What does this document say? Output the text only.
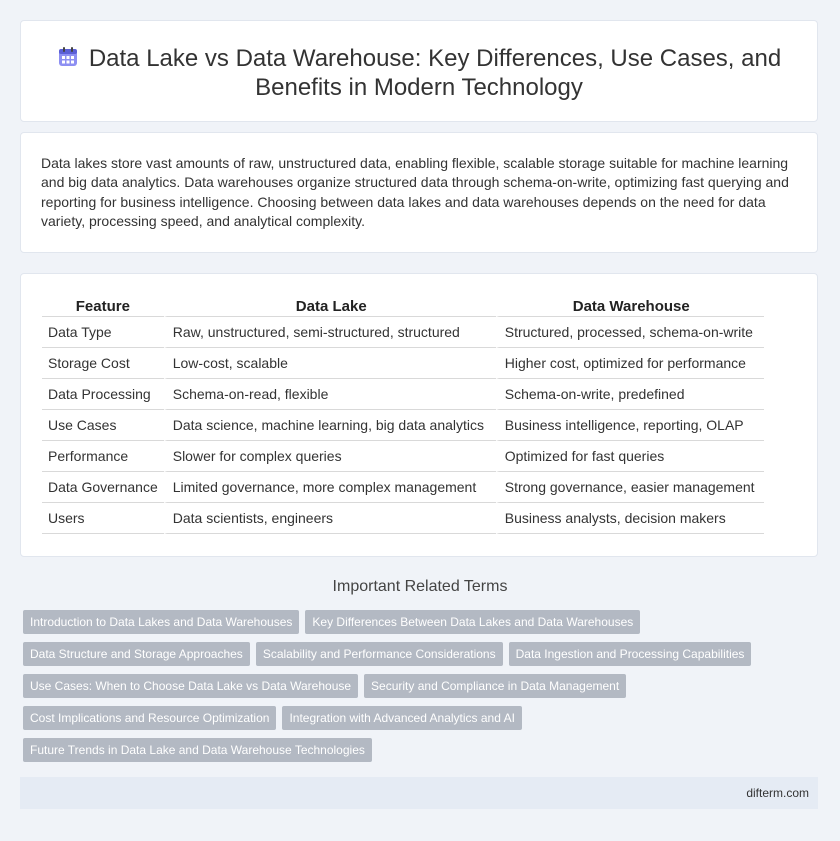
Data Lake vs Data Warehouse: Key Differences, Use Cases, and Benefits in Modern Technology

Data lakes store vast amounts of raw, unstructured data, enabling flexible, scalable storage suitable for machine learning and big data analytics. Data warehouses organize structured data through schema-on-write, optimizing fast querying and reporting for business intelligence. Choosing between data lakes and data warehouses depends on the need for data variety, processing speed, and analytical complexity.

Feature	Data Lake	Data Warehouse
Data Type	Raw, unstructured, semi-structured, structured	Structured, processed, schema-on-write
Storage Cost	Low-cost, scalable	Higher cost, optimized for performance
Data Processing	Schema-on-read, flexible	Schema-on-write, predefined
Use Cases	Data science, machine learning, big data analytics	Business intelligence, reporting, OLAP
Performance	Slower for complex queries	Optimized for fast queries
Data Governance	Limited governance, more complex management	Strong governance, easier management
Users	Data scientists, engineers	Business analysts, decision makers
Important Related Terms
Introduction to Data Lakes and Data Warehouses Key Differences Between Data Lakes and Data Warehouses
Data Structure and Storage Approaches Scalability and Performance Considerations Data Ingestion and Processing Capabilities
Use Cases: When to Choose Data Lake vs Data Warehouse Security and Compliance in Data Management
Cost Implications and Resource Optimization Integration with Advanced Analytics and AI
Future Trends in Data Lake and Data Warehouse Technologies
difterm.com
